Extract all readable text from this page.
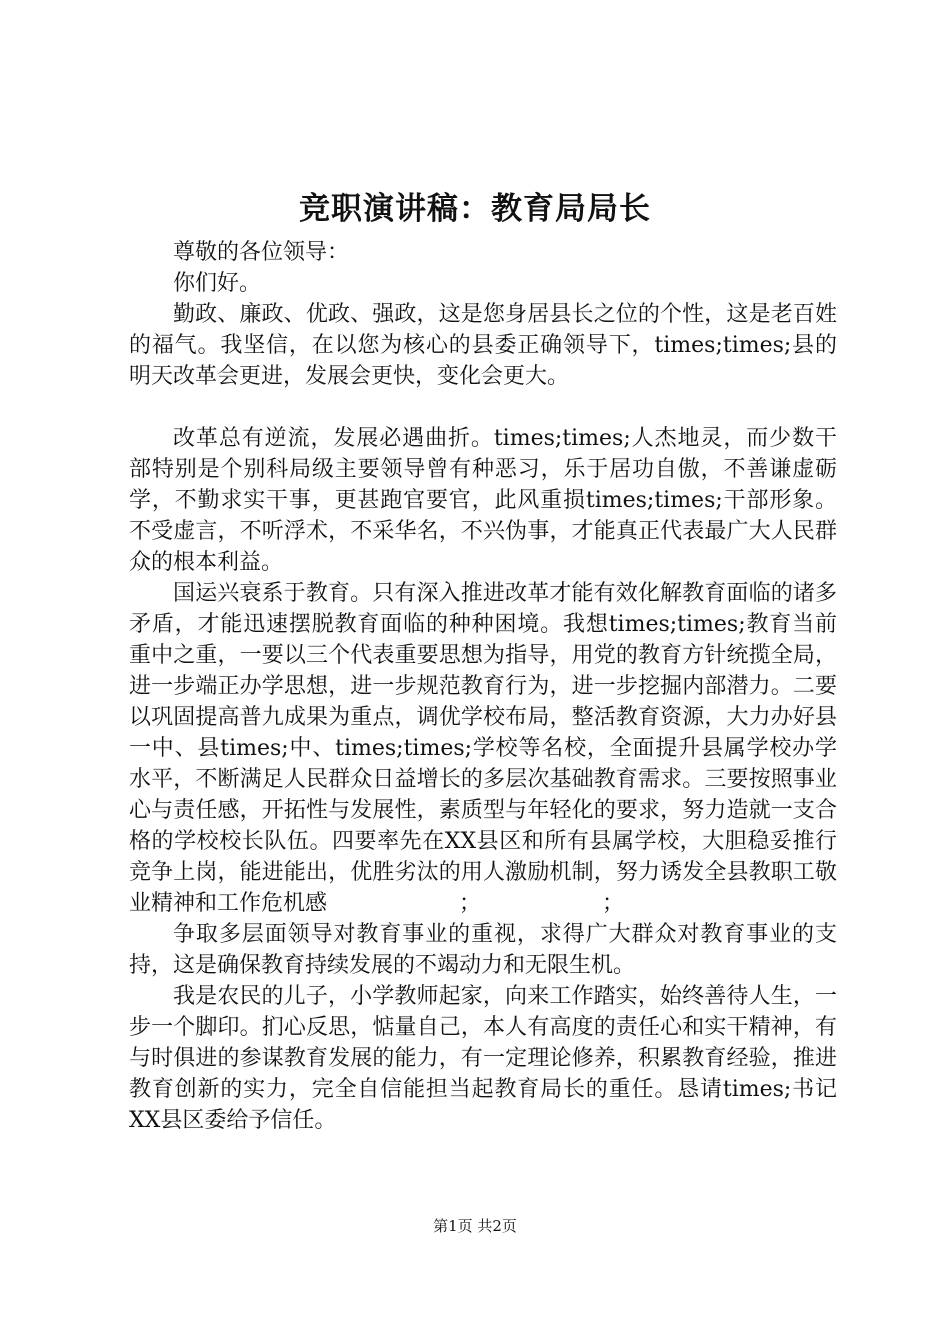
竞职演讲稿：教育局局长

尊敬的各位领导：

你们好。

勤政、廉政、优政、强政，这是您身居县长之位的个性，这是老百姓的福气。我坚信，在以您为核心的县委正确领导下，times;times;县的明天改革会更进，发展会更快，变化会更大。

改革总有逆流，发展必遇曲折。times;times;人杰地灵，而少数干部特别是个别科局级主要领导曾有种恶习，乐于居功自傲，不善谦虚砺学，不勤求实干事，更甚跑官要官，此风重损times;times;干部形象。不受虚言，不听浮术，不采华名，不兴伪事，才能真正代表最广大人民群众的根本利益。

国运兴衰系于教育。只有深入推进改革才能有效化解教育面临的诸多矛盾，才能迅速摆脱教育面临的种种困境。我想times;times;教育当前重中之重，一要以三个代表重要思想为指导，用党的教育方针统揽全局，进一步端正办学思想，进一步规范教育行为，进一步挖掘内部潜力。二要以巩固提高普九成果为重点，调优学校布局，整活教育资源，大力办好县一中、县times;中、times;times;学校等名校，全面提升县属学校办学水平，不断满足人民群众日益增长的多层次基础教育需求。三要按照事业心与责任感，开拓性与发展性，素质型与年轻化的要求，努力造就一支合格的学校校长队伍。四要率先在XX县区和所有县属学校，大胆稳妥推行竞争上岗，能进能出，优胜劣汰的用人激励机制，努力诱发全县教职工敬业精神和工作危机感　　　　　　；　　　　　　；

争取多层面领导对教育事业的重视，求得广大群众对教育事业的支持，这是确保教育持续发展的不竭动力和无限生机。

我是农民的儿子，小学教师起家，向来工作踏实，始终善待人生，一步一个脚印。扪心反思，惦量自己，本人有高度的责任心和实干精神，有与时俱进的参谋教育发展的能力，有一定理论修养，积累教育经验，推进教育创新的实力，完全自信能担当起教育局长的重任。恳请times;书记XX县区委给予信任。

第1页 共2页
